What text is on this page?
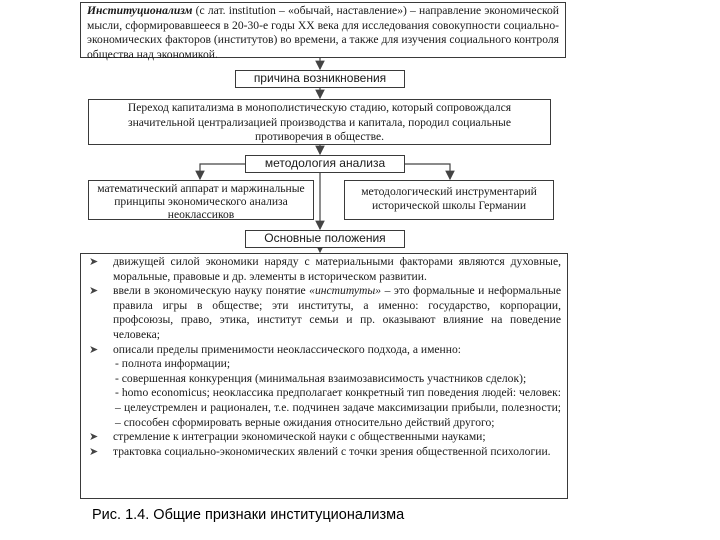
Институционализм (с лат. institution – «обычай, наставление») – направление экономической мысли, сформировавшееся в 20-30-е годы XX века для исследования совокупности социально-экономических факторов (институтов) во времени, а также для изучения социального контроля общества над экономикой.
причина возникновения
Переход капитализма в монополистическую стадию, который сопровождался значительной централизацией производства и капитала, породил социальные противоречия в обществе.
методология анализа
математический аппарат и маржинальные принципы экономического анализа неоклассиков
методологический инструментарий исторической школы Германии
Основные положения
➤ движущей силой экономики наряду с материальными факторами являются духовные, моральные, правовые и др. элементы в историческом развитии.
➤ ввели в экономическую науку понятие «институты» – это формальные и неформальные правила игры в обществе; эти институты, а именно: государство, корпорации, профсоюзы, право, этика, институт семьи и пр. оказывают влияние на поведение человека;
➤ описали пределы применимости неоклассического подхода, а именно:
- полнота информации;
- совершенная конкуренция (минимальная взаимозависимость участников сделок);
- homo economicus; неоклассика предполагает конкретный тип поведения людей: человек: – целеустремлен и рационален, т.е. подчинен задаче максимизации прибыли, полезности; – способен сформировать верные ожидания относительно действий другого;
➤ стремление к интеграции экономической науки с общественными науками;
➤ трактовка социально-экономических явлений с точки зрения общественной психологии.
Рис. 1.4. Общие признаки институционализма
